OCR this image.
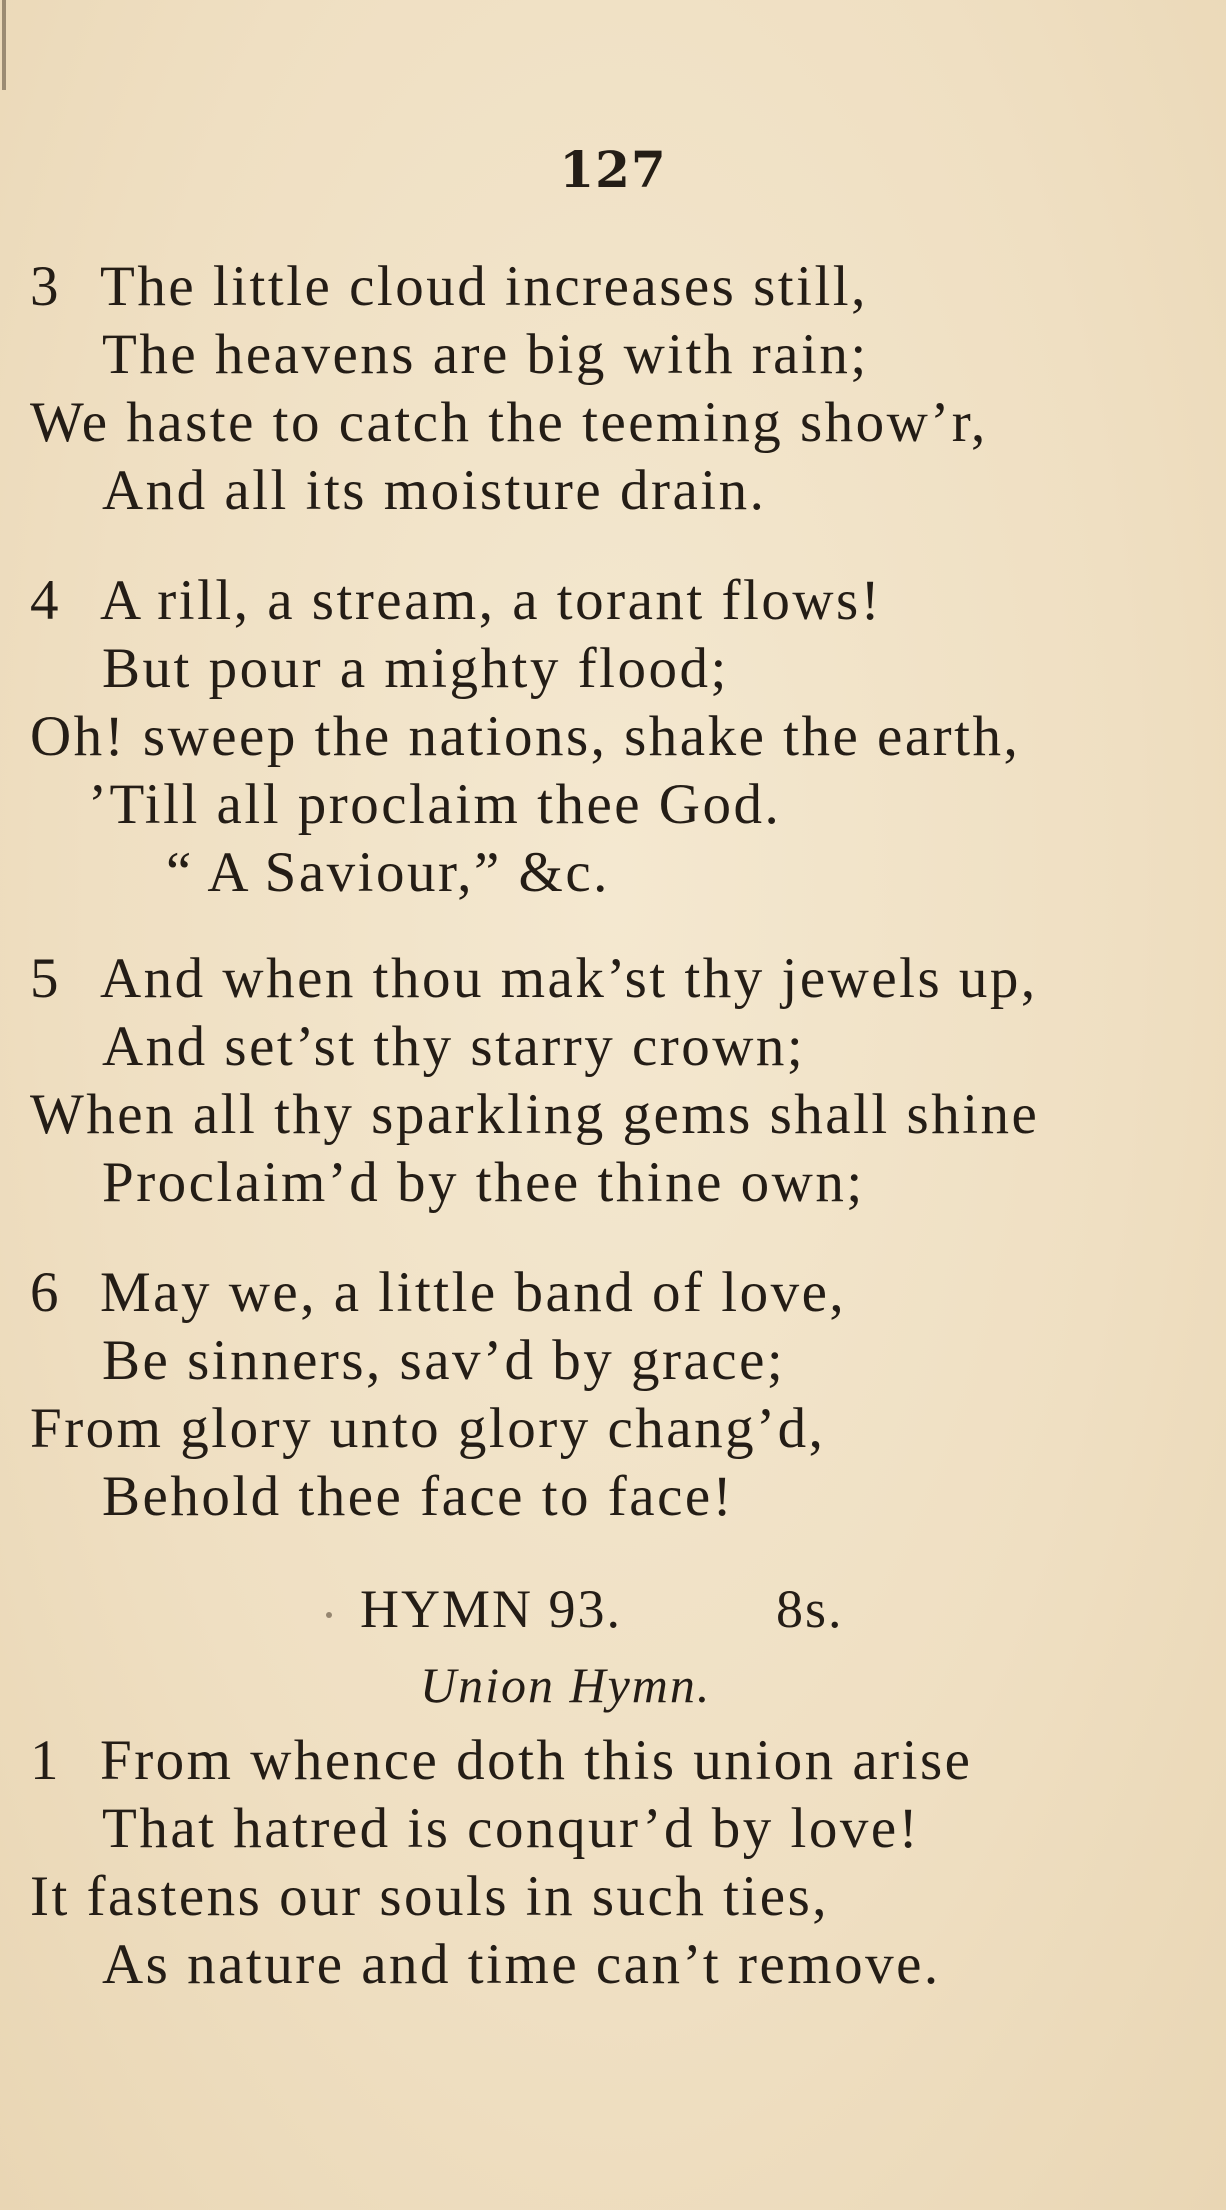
127
3 The little cloud increases still,
The heavens are big with rain;
We haste to catch the teeming show’r,
And all its moisture drain.
4 A rill, a stream, a torant flows!
But pour a mighty flood;
Oh! sweep the nations, shake the earth,
’Till all proclaim thee God.
“ A Saviour,” &c.
5 And when thou mak’st thy jewels up,
And set’st thy starry crown;
When all thy sparkling gems shall shine
Proclaim’d by thee thine own;
6 May we, a little band of love,
Be sinners, sav’d by grace;
From glory unto glory chang’d,
Behold thee face to face!
HYMN 93.	8s.
Union Hymn.
1 From whence doth this union arise
That hatred is conqur’d by love!
It fastens our souls in such ties,
As nature and time can’t remove.
